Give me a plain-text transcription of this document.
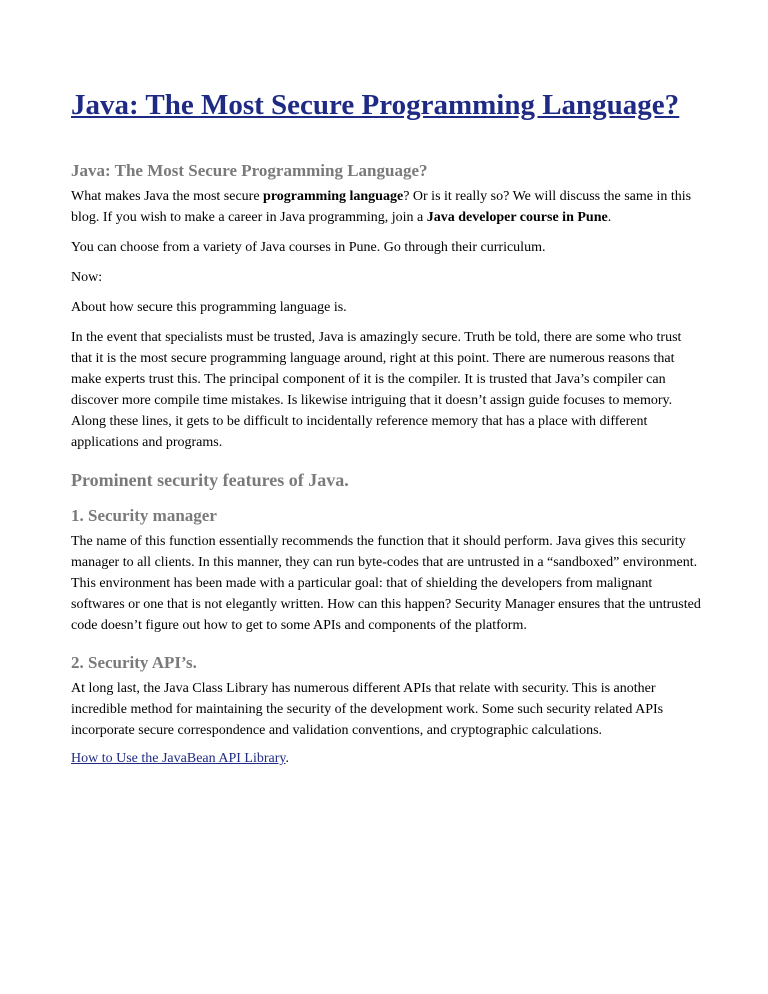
Java: The Most Secure Programming Language?
Java: The Most Secure Programming Language?

What makes Java the most secure programming language? Or is it really so? We will discuss the same in this blog. If you wish to make a career in Java programming, join a Java developer course in Pune.

You can choose from a variety of Java courses in Pune. Go through their curriculum.

Now:

About how secure this programming language is.

In the event that specialists must be trusted, Java is amazingly secure. Truth be told, there are some who trust that it is the most secure programming language around, right at this point. There are numerous reasons that make experts trust this. The principal component of it is the compiler. It is trusted that Java’s compiler can discover more compile time mistakes. Is likewise intriguing that it doesn’t assign guide focuses to memory. Along these lines, it gets to be difficult to incidentally reference memory that has a place with different applications and programs.

Prominent security features of Java.
1. Security manager

The name of this function essentially recommends the function that it should perform. Java gives this security manager to all clients. In this manner, they can run byte-codes that are untrusted in a “sandboxed” environment. This environment has been made with a particular goal: that of shielding the developers from malignant softwares or one that is not elegantly written. How can this happen? Security Manager ensures that the untrusted code doesn’t figure out how to get to some APIs and components of the platform.

2. Security API’s.

At long last, the Java Class Library has numerous different APIs that relate with security. This is another incredible method for maintaining the security of the development work. Some such security related APIs incorporate secure correspondence and validation conventions, and cryptographic calculations.

How to Use the JavaBean API Library.
